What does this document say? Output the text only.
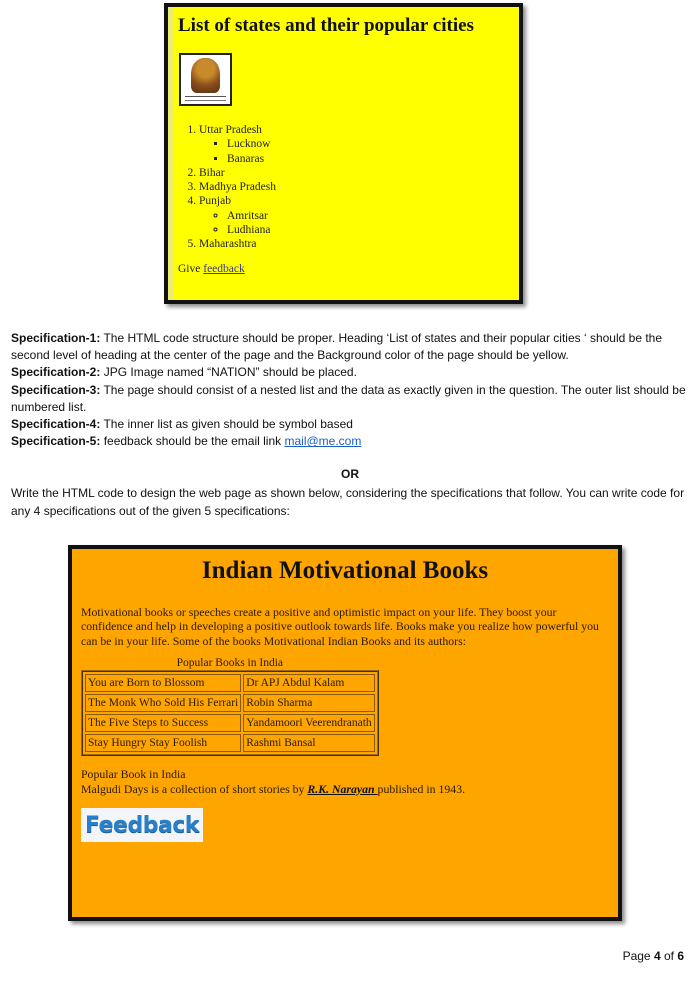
List of states and their popular cities
1. Uttar Pradesh
▪ Lucknow
▪ Banaras
2. Bihar
3. Madhya Pradesh
4. Punjab
◦ Amritsar
◦ Ludhiana
5. Maharashtra
Give feedback

Specification-1: The HTML code structure should be proper. Heading ‘List of states and their popular cities ‘ should be the second level of heading at the center of the page and the Background color of the page should be yellow.

Specification-2: JPG Image named “NATION” should be placed.

Specification-3: The page should consist of a nested list and the data as exactly given in the question. The outer list should be numbered list.

Specification-4: The inner list as given should be symbol based

Specification-5: feedback should be the email link mail@me.com

OR
Write the HTML code to design the web page as shown below, considering the specifications that follow. You can write code for any 4 specifications out of the given 5 specifications:
Indian Motivational Books

Motivational books or speeches create a positive and optimistic impact on your life. They boost your confidence and help in developing a positive outlook towards life. Books make you realize how powerful you can be in your life. Some of the books Motivational Indian Books and its authors:

Popular Books in India
You are Born to Blossom	Dr APJ Abdul Kalam
The Monk Who Sold His Ferrari	Robin Sharma
The Five Steps to Success	Yandamoori Veerendranath
Stay Hungry Stay Foolish	Rashmi Bansal
Popular Book in India
Malgudi Days is a collection of short stories by R.K. Narayan published in 1943.
Feedback
Page 4 of 6
